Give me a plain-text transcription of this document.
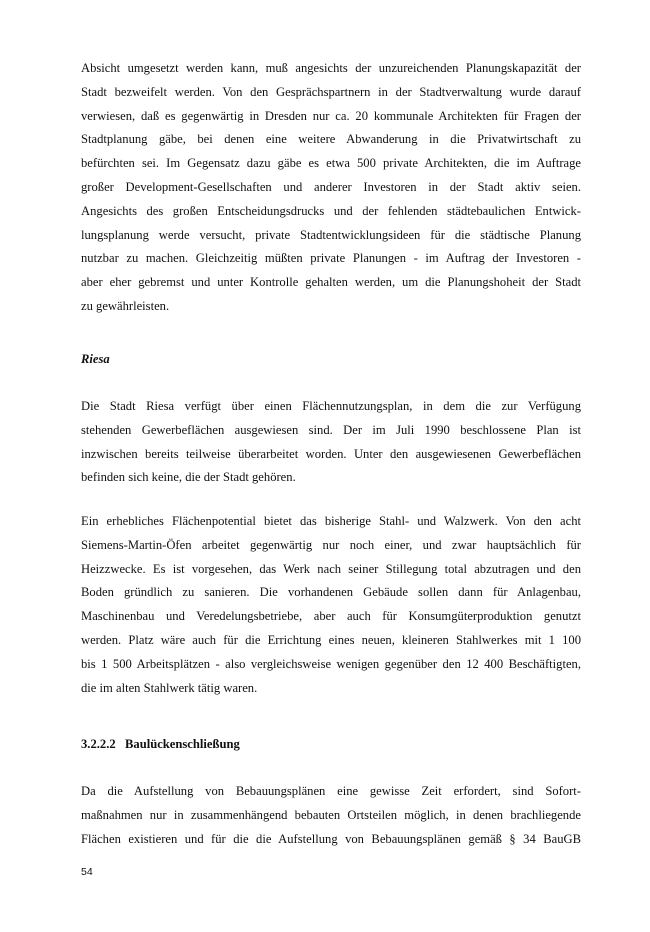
Absicht umgesetzt werden kann, muß angesichts der unzureichenden Planungskapazität der
Stadt bezweifelt werden. Von den Gesprächspartnern in der Stadtverwaltung wurde darauf
verwiesen, daß es gegenwärtig in Dresden nur ca. 20 kommunale Architekten für Fragen der
Stadtplanung gäbe, bei denen eine weitere Abwanderung in die Privatwirtschaft zu
befürchten sei. Im Gegensatz dazu gäbe es etwa 500 private Architekten, die im Auftrage
großer Development-Gesellschaften und anderer Investoren in der Stadt aktiv seien.
Angesichts des großen Entscheidungsdrucks und der fehlenden städtebaulichen Entwick-
lungsplanung werde versucht, private Stadtentwicklungsideen für die städtische Planung
nutzbar zu machen. Gleichzeitig müßten private Planungen - im Auftrag der Investoren -
aber eher gebremst und unter Kontrolle gehalten werden, um die Planungshoheit der Stadt
zu gewährleisten.

Riesa

Die Stadt Riesa verfügt über einen Flächennutzungsplan, in dem die zur Verfügung
stehenden Gewerbeflächen ausgewiesen sind. Der im Juli 1990 beschlossene Plan ist
inzwischen bereits teilweise überarbeitet worden. Unter den ausgewiesenen Gewerbeflächen
befinden sich keine, die der Stadt gehören.

Ein erhebliches Flächenpotential bietet das bisherige Stahl- und Walzwerk. Von den acht
Siemens-Martin-Öfen arbeitet gegenwärtig nur noch einer, und zwar hauptsächlich für
Heizzwecke. Es ist vorgesehen, das Werk nach seiner Stillegung total abzutragen und den
Boden gründlich zu sanieren. Die vorhandenen Gebäude sollen dann für Anlagenbau,
Maschinenbau und Veredelungsbetriebe, aber auch für Konsumgüterproduktion genutzt
werden. Platz wäre auch für die Errichtung eines neuen, kleineren Stahlwerkes mit 1 100
bis 1 500 Arbeitsplätzen - also vergleichsweise wenigen gegenüber den 12 400 Beschäftigten,
die im alten Stahlwerk tätig waren.

3.2.2.2 Baulückenschließung

Da die Aufstellung von Bebauungsplänen eine gewisse Zeit erfordert, sind Sofort-
maßnahmen nur in zusammenhängend bebauten Ortsteilen möglich, in denen brachliegende
Flächen existieren und für die die Aufstellung von Bebauungsplänen gemäß § 34 BauGB

54
